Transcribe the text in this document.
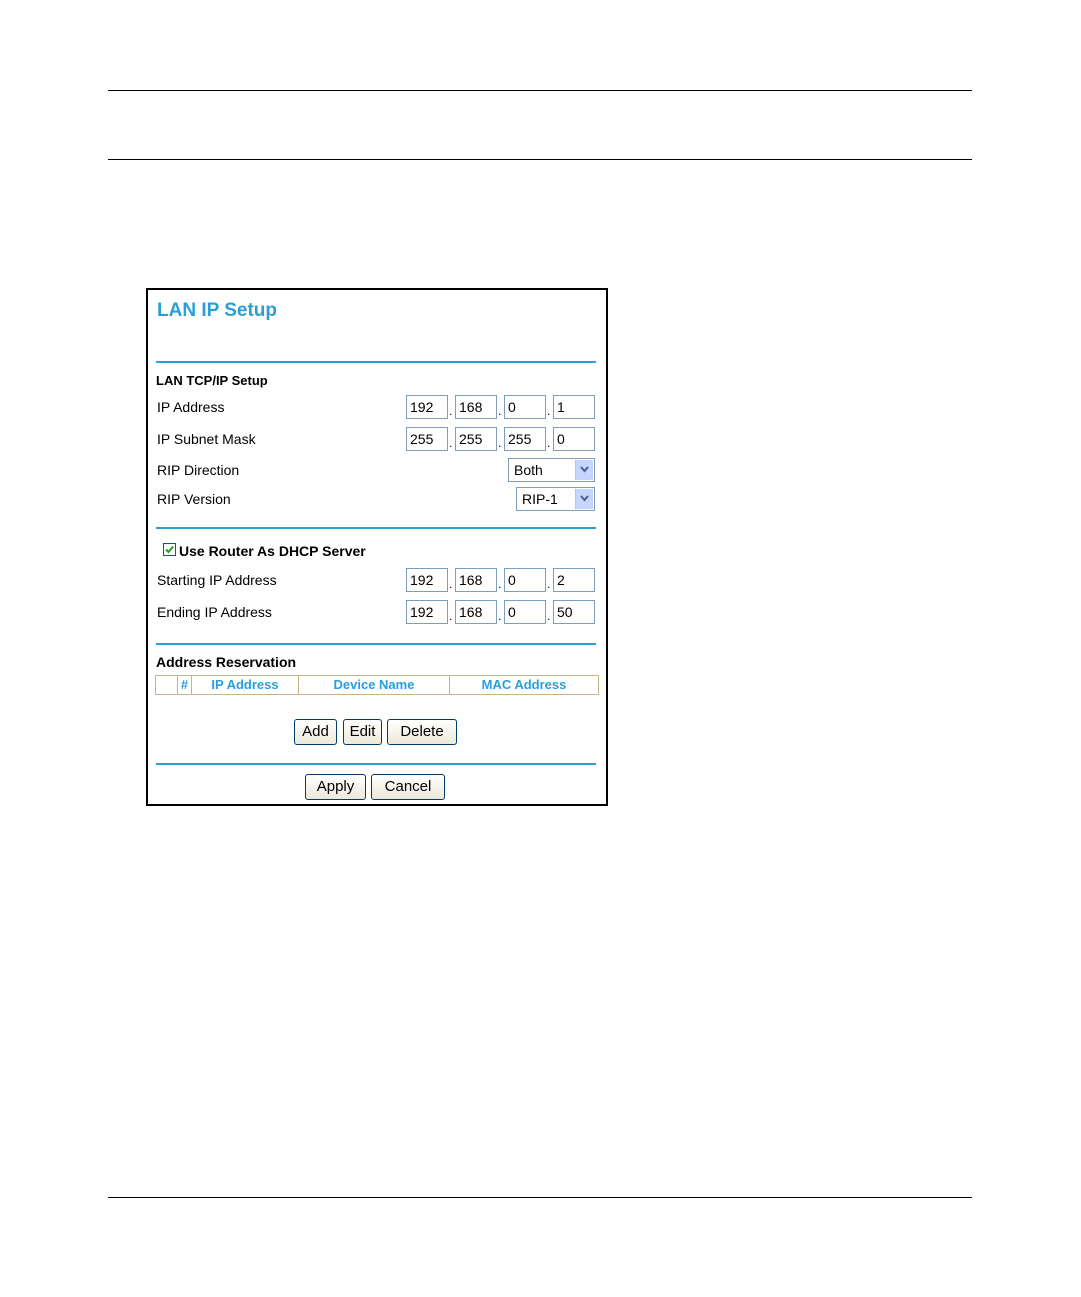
LAN IP Setup
LAN TCP/IP Setup
IP Address	192	. 168	. 0	. 1
IP Subnet Mask	255	. 255	. 255	. 0
RIP Direction	Both
RIP Version	RIP-1
Use Router As DHCP Server
Starting IP Address	192	. 168	. 0	. 2
Ending IP Address	192	. 168	. 0	. 50
Address Reservation
#	IP Address	Device Name	MAC Address
Add	Edit	Delete
Apply	Cancel
